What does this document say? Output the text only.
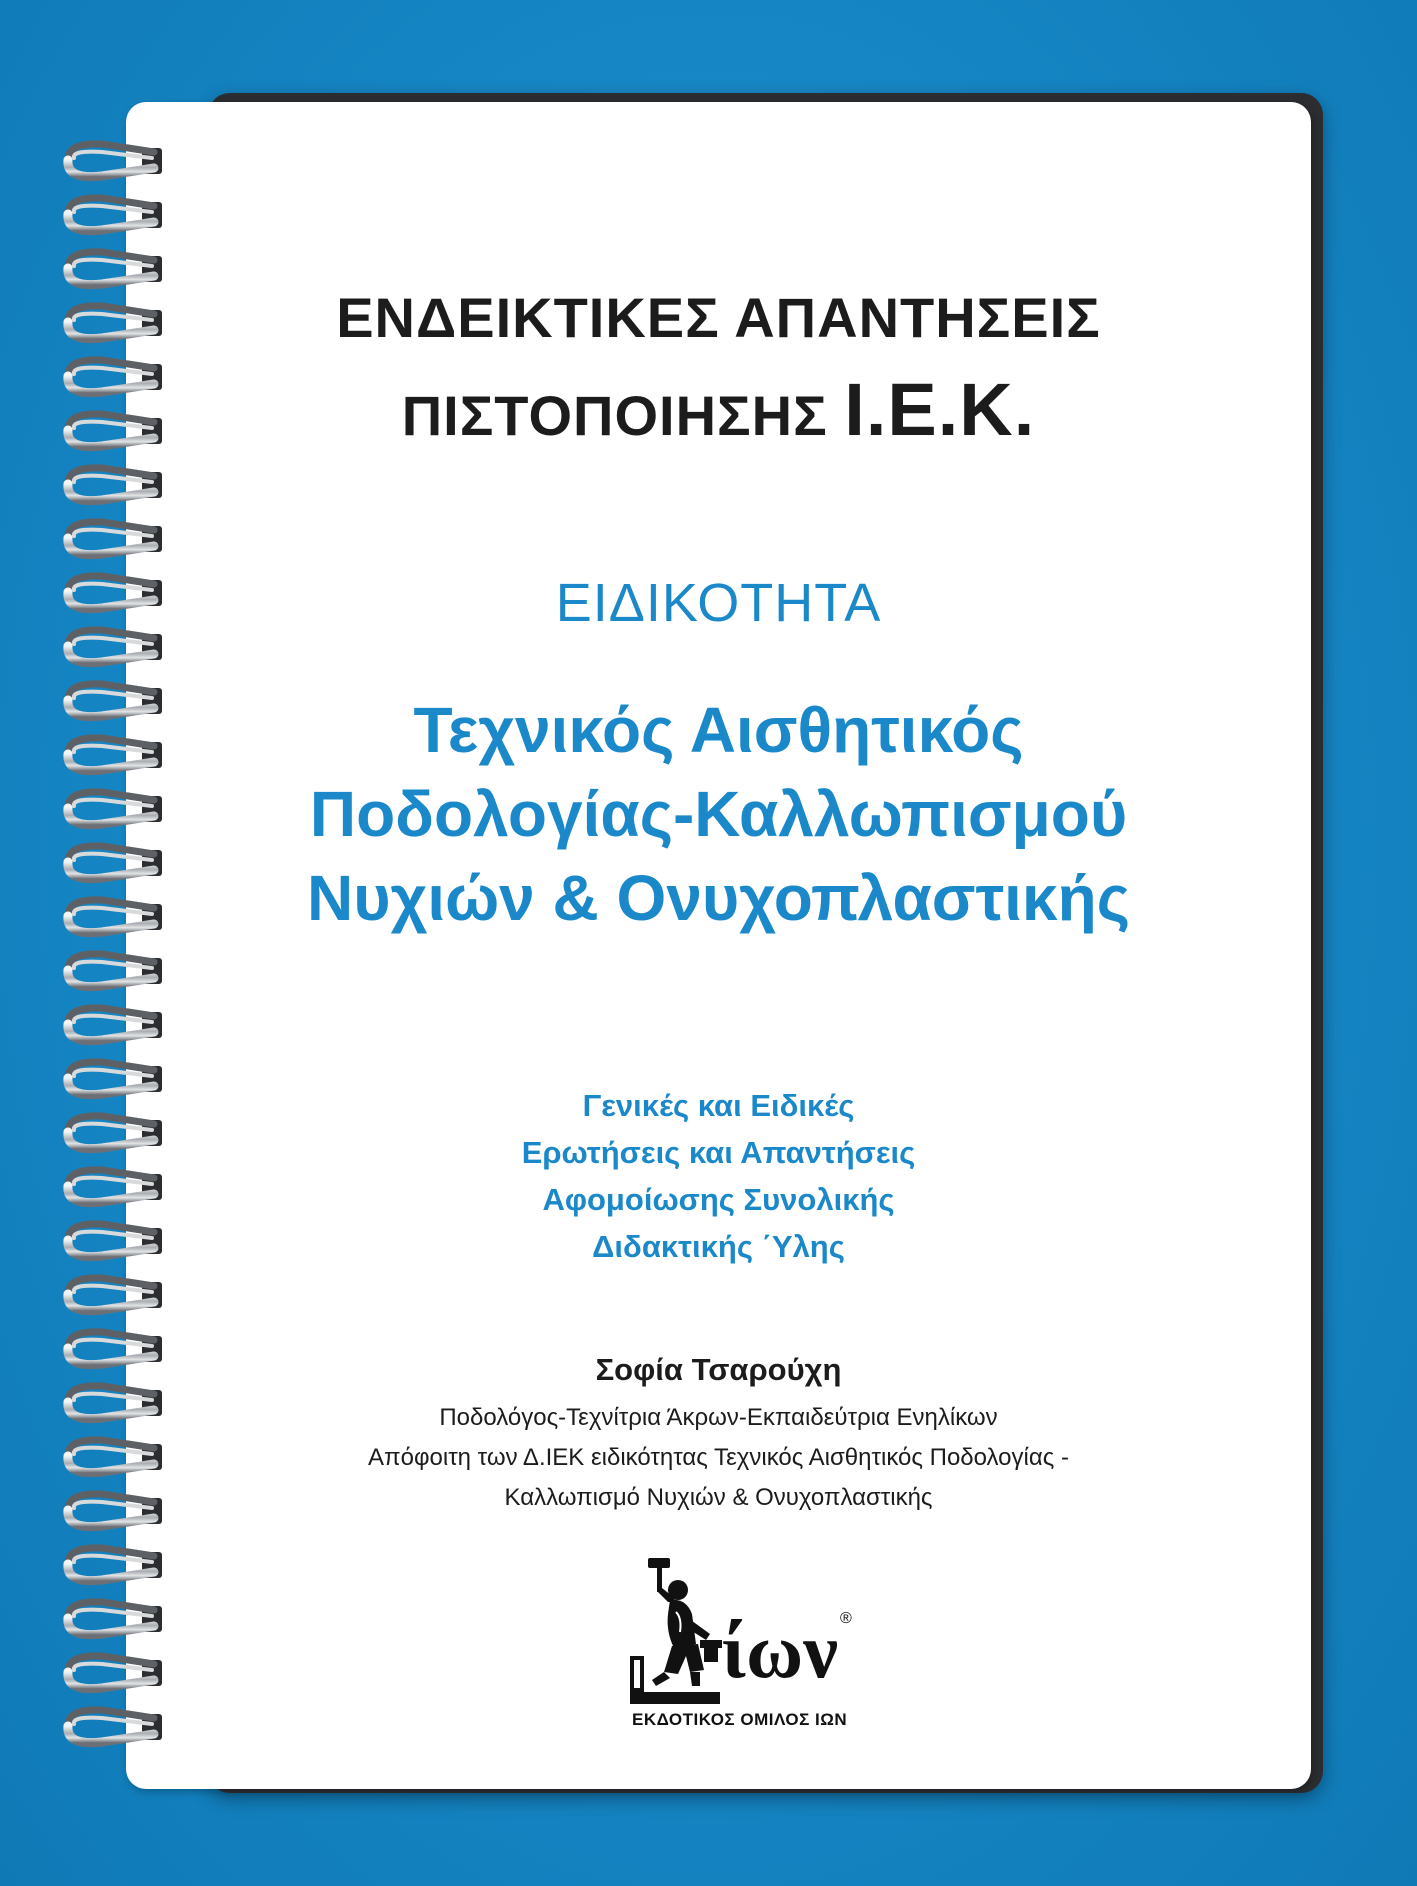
ΕΝΔΕΙΚΤΙΚΕΣ ΑΠΑΝΤΗΣΕΙΣ
ΠΙΣΤΟΠΟΙΗΣΗΣ Ι.Ε.Κ.
ΕΙΔΙΚΟΤΗΤΑ
Τεχνικός Αισθητικός
Ποδολογίας-Καλλωπισμού
Νυχιών & Ονυχοπλαστικής
Γενικές και Ειδικές
Ερωτήσεις και Απαντήσεις
Αφομοίωσης Συνολικής
Διδακτικής ΄Υλης
Σοφία Τσαρούχη
Ποδολόγος-Τεχνίτρια Άκρων-Εκπαιδεύτρια Ενηλίκων
Απόφοιτη των Δ.ΙΕΚ ειδικότητας Τεχνικός Αισθητικός Ποδολογίας -
Καλλωπισμό Νυχιών & Ονυχοπλαστικής
ίων ®
ΕΚΔΟΤΙΚΟΣ ΟΜΙΛΟΣ ΙΩΝ
